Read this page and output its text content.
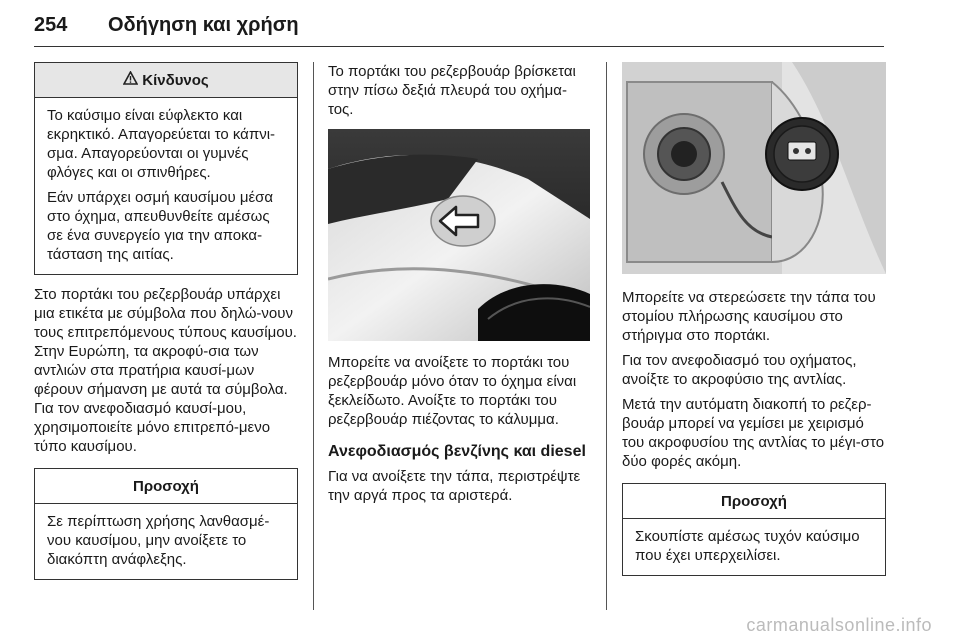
254 Οδήγηση και χρήση
Κίνδυνος

Το καύσιμο είναι εύφλεκτο και εκρηκτικό. Απαγορεύεται το κάπνι-σμα. Απαγορεύονται οι γυμνές φλόγες και οι σπινθήρες.

Εάν υπάρχει οσμή καυσίμου μέσα στο όχημα, απευθυνθείτε αμέσως σε ένα συνεργείο για την αποκα-τάσταση της αιτίας.

Στο πορτάκι του ρεζερβουάρ υπάρχει μια ετικέτα με σύμβολα που δηλώ-νουν τους επιτρεπόμενους τύπους καυσίμου. Στην Ευρώπη, τα ακροφύ-σια των αντλιών στα πρατήρια καυσί-μων φέρουν σήμανση με αυτά τα σύμβολα. Για τον ανεφοδιασμό καυσί-μου, χρησιμοποιείτε μόνο επιτρεπό-μενο τύπο καυσίμου.

Προσοχή

Σε περίπτωση χρήσης λανθασμέ-νου καυσίμου, μην ανοίξετε το διακόπτη ανάφλεξης.

Το πορτάκι του ρεζερβουάρ βρίσκεται στην πίσω δεξιά πλευρά του οχήμα-τος.

Μπορείτε να ανοίξετε το πορτάκι του ρεζερβουάρ μόνο όταν το όχημα είναι ξεκλείδωτο. Ανοίξτε το πορτάκι του ρεζερβουάρ πιέζοντας το κάλυμμα.

Ανεφοδιασμός βενζίνης και diesel

Για να ανοίξετε την τάπα, περιστρέψτε την αργά προς τα αριστερά.

Μπορείτε να στερεώσετε την τάπα του στομίου πλήρωσης καυσίμου στο στήριγμα στο πορτάκι.

Για τον ανεφοδιασμό του οχήματος, ανοίξτε το ακροφύσιο της αντλίας.

Μετά την αυτόματη διακοπή το ρεζερ-βουάρ μπορεί να γεμίσει με χειρισμό του ακροφυσίου της αντλίας το μέγι-στο δύο φορές ακόμη.

Προσοχή

Σκουπίστε αμέσως τυχόν καύσιμο που έχει υπερχειλίσει.

carmanualsonline.info
